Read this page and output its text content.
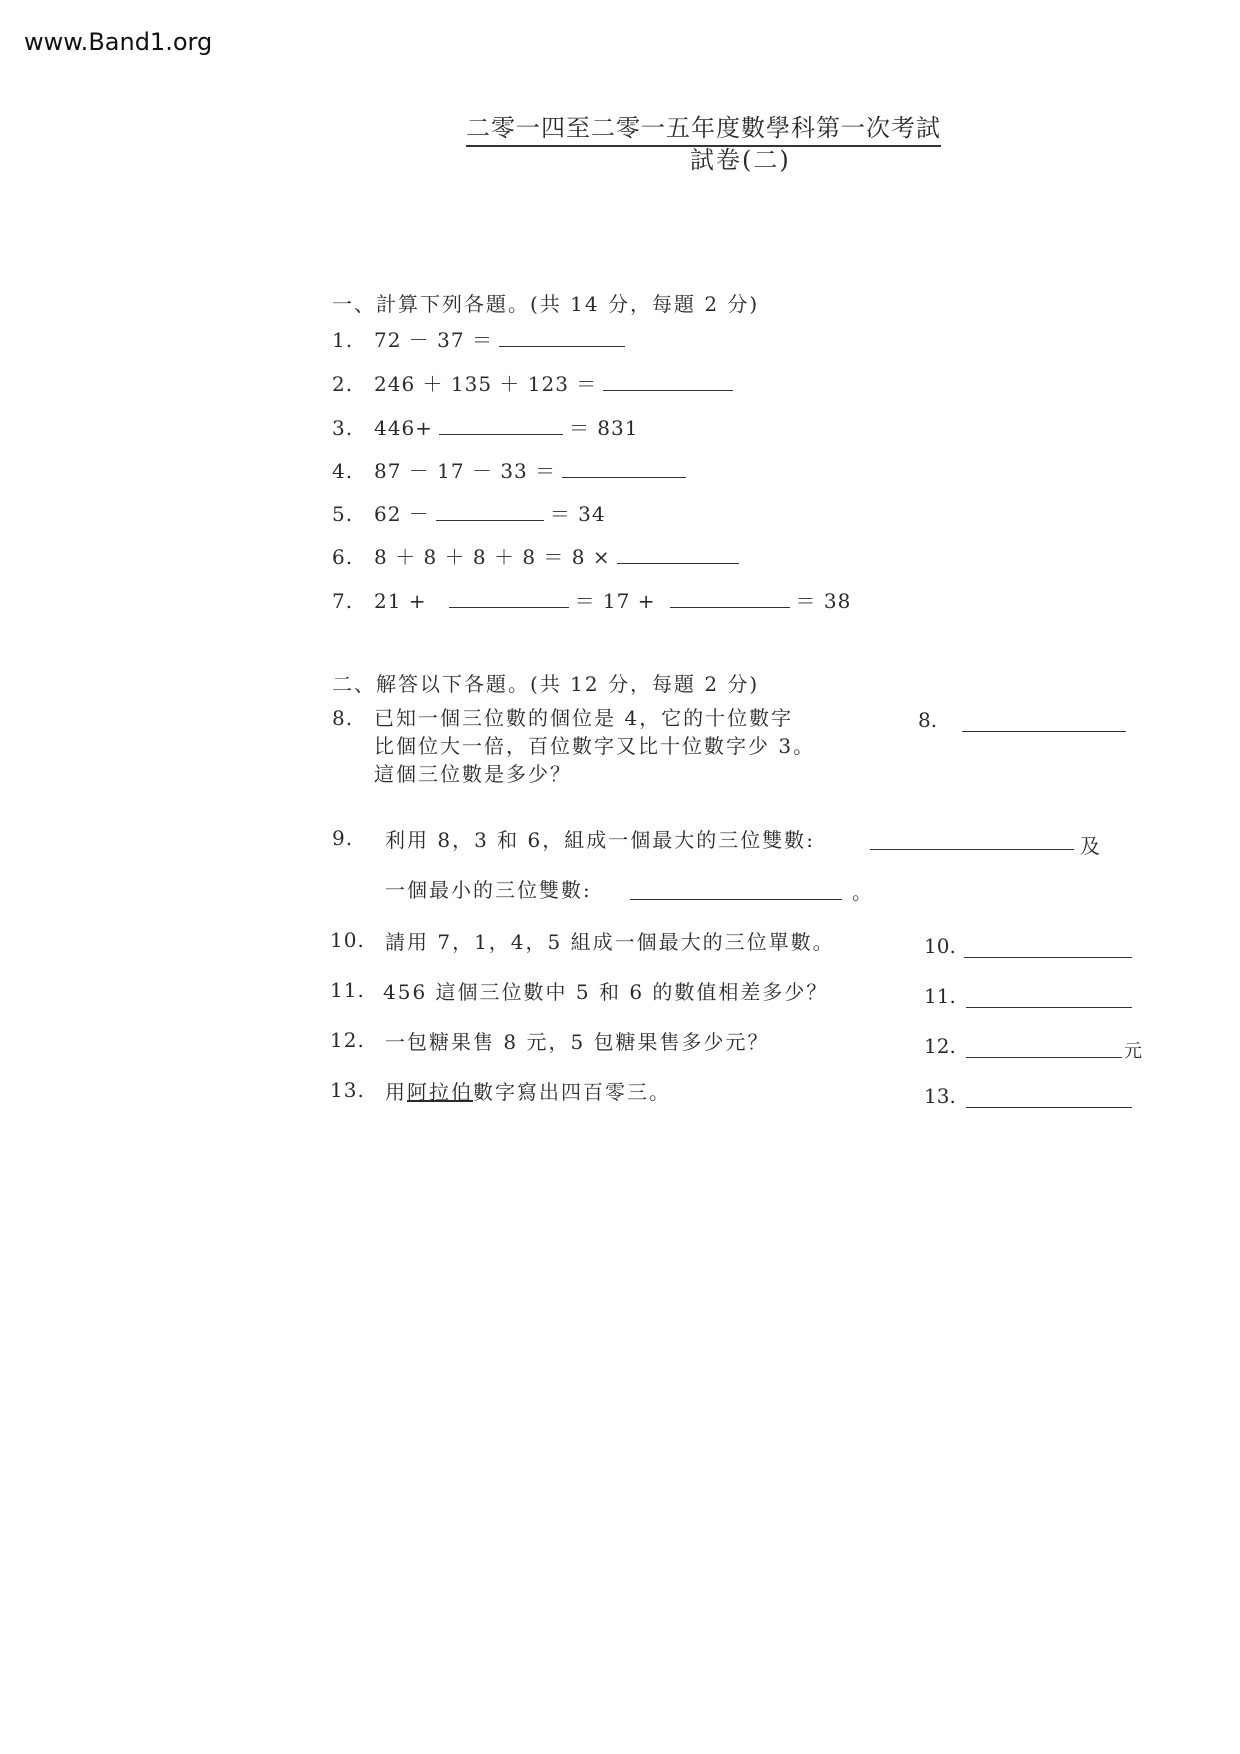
www.Band1.org
二零一四至二零一五年度數學科第一次考試
試卷(二)
一、計算下列各題。(共 14 分，每題 2 分)
1. 72 － 37 ＝
2. 246 ＋ 135 ＋ 123 ＝
3. 446+	＝ 831
4. 87 － 17 － 33 ＝
5. 62 －	＝ 34
6. 8 ＋ 8 ＋ 8 ＋ 8 ＝ 8 ×
7. 21 +	＝ 17 +	＝ 38
二、解答以下各題。(共 12 分，每題 2 分)
8. 已知一個三位數的個位是 4，它的十位數字
比個位大一倍，百位數字又比十位數字少 3。
這個三位數是多少？
8.
9. 利用 8，3 和 6，組成一個最大的三位雙數:	及
一個最小的三位雙數:	。
10. 請用 7，1，4，5 組成一個最大的三位單數。	10.
11. 456 這個三位數中 5 和 6 的數值相差多少？	11.
12. 一包糖果售 8 元，5 包糖果售多少元？	12.	元
13. 用阿拉伯數字寫出四百零三。	13.
